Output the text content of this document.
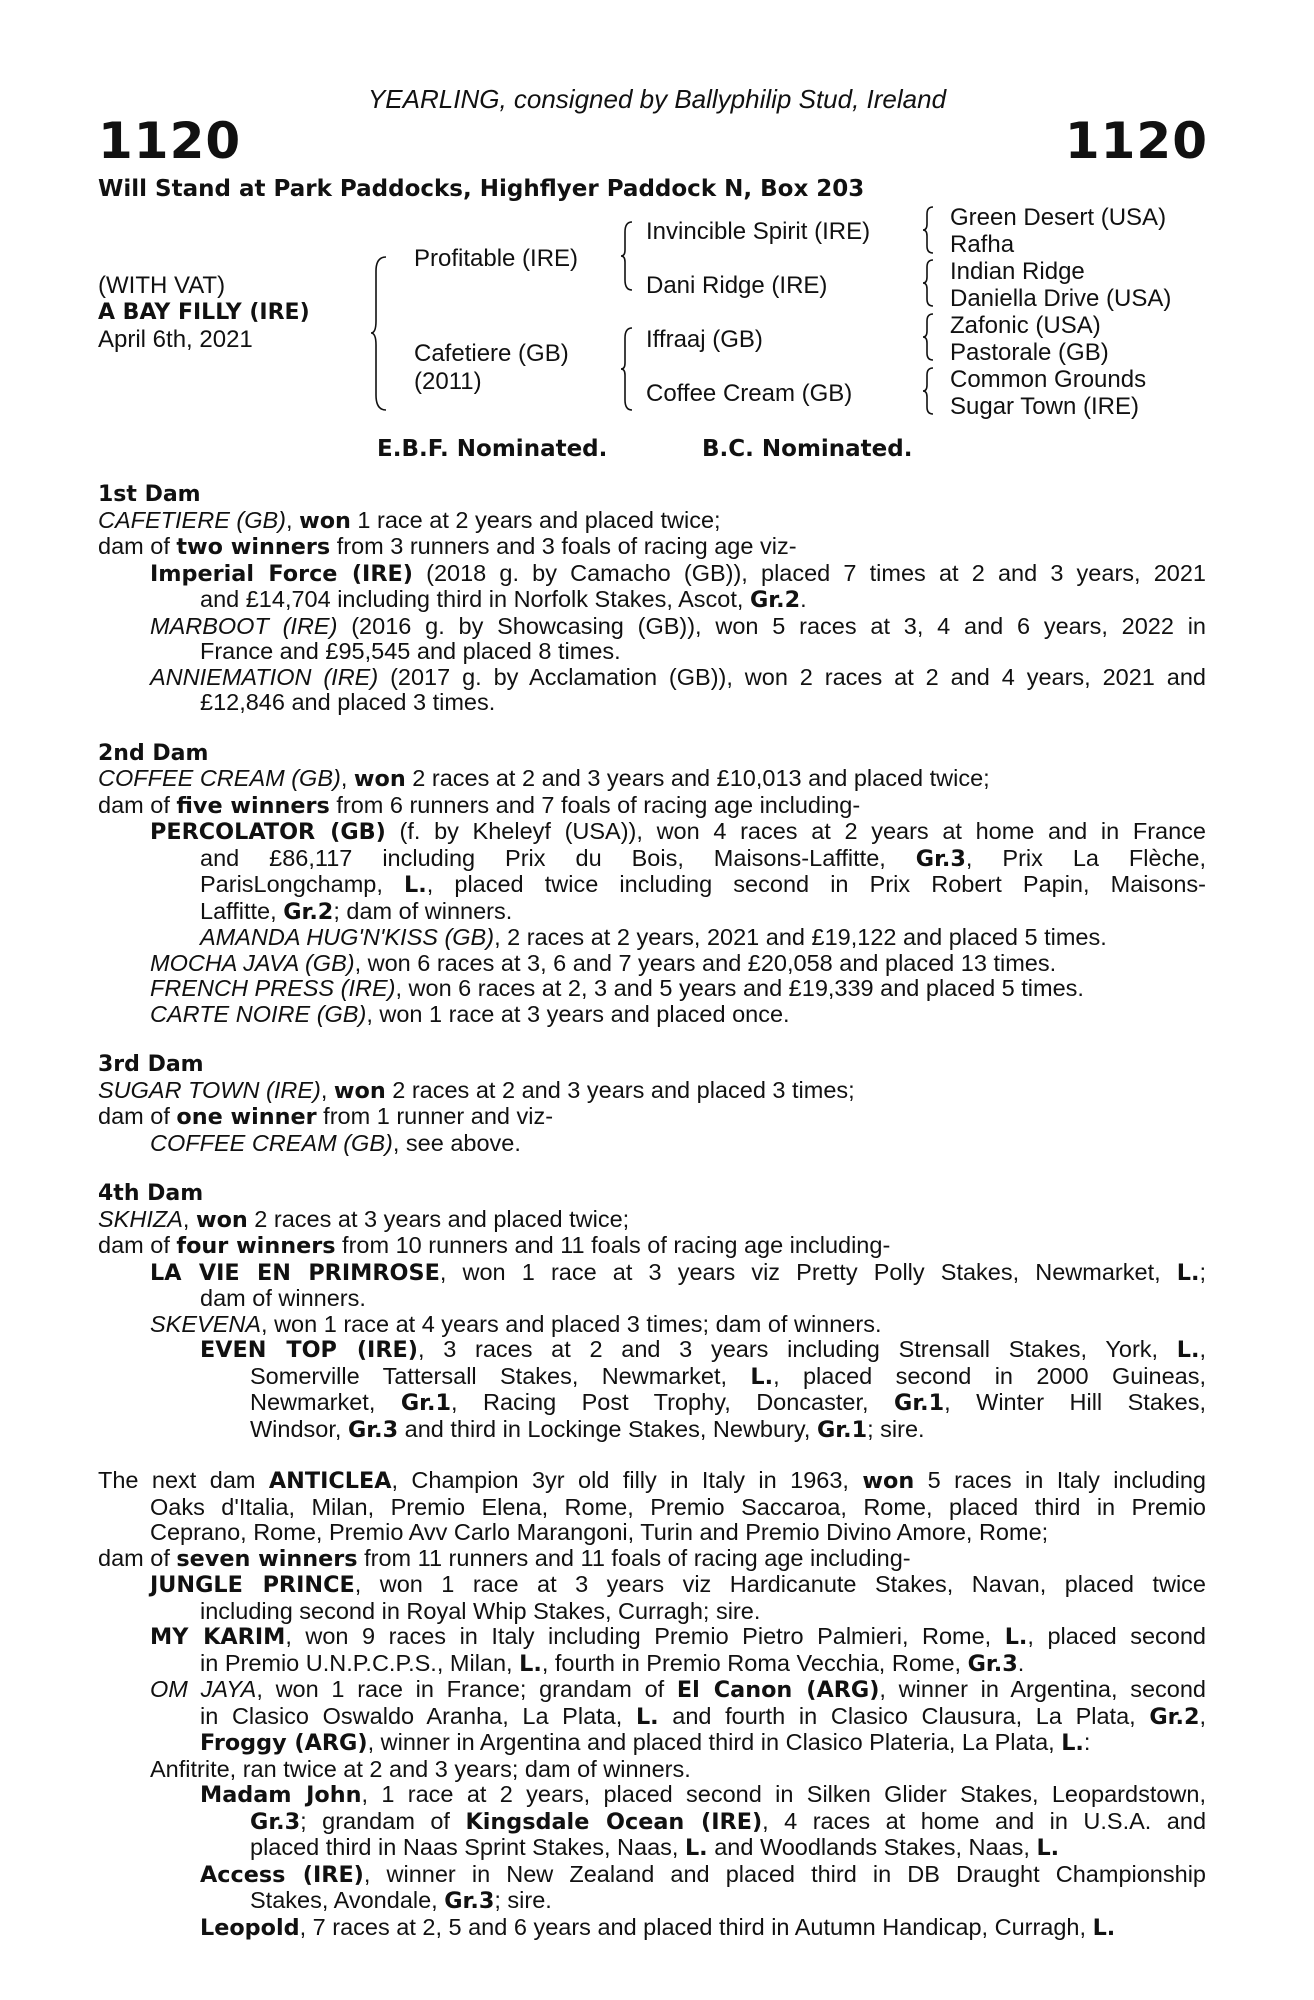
YEARLING, consigned by Ballyphilip Stud, Ireland
1120	1120
Will Stand at Park Paddocks, Highflyer Paddock N, Box 203
(WITH VAT)
A BAY FILLY (IRE)
April 6th, 2021
Profitable (IRE)
Cafetiere (GB)
(2011)
Invincible Spirit (IRE)
Dani Ridge (IRE)
Iffraaj (GB)
Coffee Cream (GB)
Green Desert (USA)
Rafha
Indian Ridge
Daniella Drive (USA)
Zafonic (USA)
Pastorale (GB)
Common Grounds
Sugar Town (IRE)
E.B.F. Nominated.	B.C. Nominated.
1st Dam
CAFETIERE (GB), won 1 race at 2 years and placed twice;
dam of two winners from 3 runners and 3 foals of racing age viz-
Imperial Force (IRE) (2018 g. by Camacho (GB)), placed 7 times at 2 and 3 years, 2021
and £14,704 including third in Norfolk Stakes, Ascot, Gr.2.
MARBOOT (IRE) (2016 g. by Showcasing (GB)), won 5 races at 3, 4 and 6 years, 2022 in
France and £95,545 and placed 8 times.
ANNIEMATION (IRE) (2017 g. by Acclamation (GB)), won 2 races at 2 and 4 years, 2021 and
£12,846 and placed 3 times.
2nd Dam
COFFEE CREAM (GB), won 2 races at 2 and 3 years and £10,013 and placed twice;
dam of five winners from 6 runners and 7 foals of racing age including-
PERCOLATOR (GB) (f. by Kheleyf (USA)), won 4 races at 2 years at home and in France
and £86,117 including Prix du Bois, Maisons-Laffitte, Gr.3, Prix La Flèche,
ParisLongchamp, L., placed twice including second in Prix Robert Papin, Maisons-
Laffitte, Gr.2; dam of winners.
AMANDA HUG'N'KISS (GB), 2 races at 2 years, 2021 and £19,122 and placed 5 times.
MOCHA JAVA (GB), won 6 races at 3, 6 and 7 years and £20,058 and placed 13 times.
FRENCH PRESS (IRE), won 6 races at 2, 3 and 5 years and £19,339 and placed 5 times.
CARTE NOIRE (GB), won 1 race at 3 years and placed once.
3rd Dam
SUGAR TOWN (IRE), won 2 races at 2 and 3 years and placed 3 times;
dam of one winner from 1 runner and viz-
COFFEE CREAM (GB), see above.
4th Dam
SKHIZA, won 2 races at 3 years and placed twice;
dam of four winners from 10 runners and 11 foals of racing age including-
LA VIE EN PRIMROSE, won 1 race at 3 years viz Pretty Polly Stakes, Newmarket, L.;
dam of winners.
SKEVENA, won 1 race at 4 years and placed 3 times; dam of winners.
EVEN TOP (IRE), 3 races at 2 and 3 years including Strensall Stakes, York, L.,
Somerville Tattersall Stakes, Newmarket, L., placed second in 2000 Guineas,
Newmarket, Gr.1, Racing Post Trophy, Doncaster, Gr.1, Winter Hill Stakes,
Windsor, Gr.3 and third in Lockinge Stakes, Newbury, Gr.1; sire.
The next dam ANTICLEA, Champion 3yr old filly in Italy in 1963, won 5 races in Italy including
Oaks d'Italia, Milan, Premio Elena, Rome, Premio Saccaroa, Rome, placed third in Premio
Ceprano, Rome, Premio Avv Carlo Marangoni, Turin and Premio Divino Amore, Rome;
dam of seven winners from 11 runners and 11 foals of racing age including-
JUNGLE PRINCE, won 1 race at 3 years viz Hardicanute Stakes, Navan, placed twice
including second in Royal Whip Stakes, Curragh; sire.
MY KARIM, won 9 races in Italy including Premio Pietro Palmieri, Rome, L., placed second
in Premio U.N.P.C.P.S., Milan, L., fourth in Premio Roma Vecchia, Rome, Gr.3.
OM JAYA, won 1 race in France; grandam of El Canon (ARG), winner in Argentina, second
in Clasico Oswaldo Aranha, La Plata, L. and fourth in Clasico Clausura, La Plata, Gr.2,
Froggy (ARG), winner in Argentina and placed third in Clasico Plateria, La Plata, L.:
Anfitrite, ran twice at 2 and 3 years; dam of winners.
Madam John, 1 race at 2 years, placed second in Silken Glider Stakes, Leopardstown,
Gr.3; grandam of Kingsdale Ocean (IRE), 4 races at home and in U.S.A. and
placed third in Naas Sprint Stakes, Naas, L. and Woodlands Stakes, Naas, L.
Access (IRE), winner in New Zealand and placed third in DB Draught Championship
Stakes, Avondale, Gr.3; sire.
Leopold, 7 races at 2, 5 and 6 years and placed third in Autumn Handicap, Curragh, L.
